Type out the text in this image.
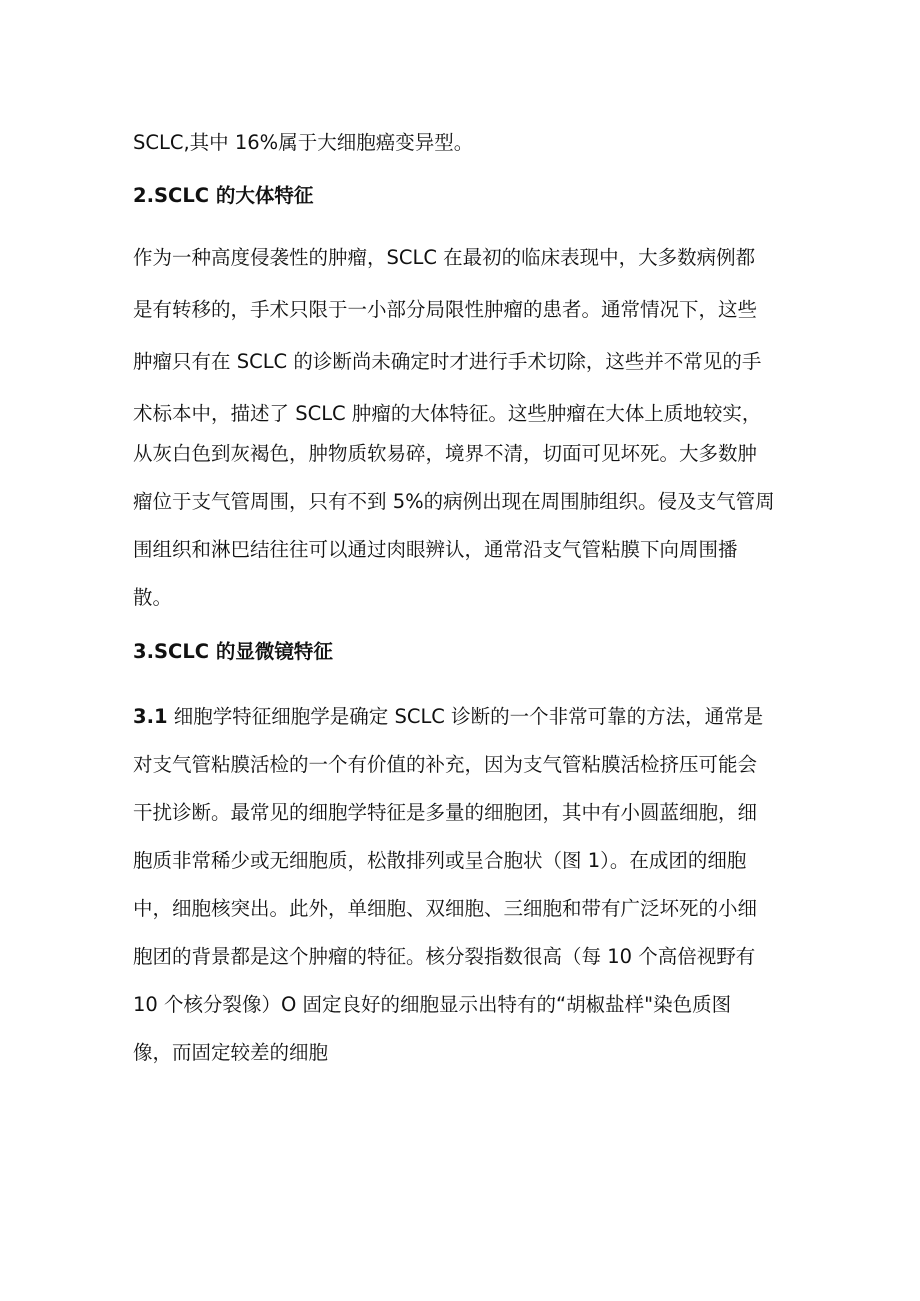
SCLC,其中 16%属于大细胞癌变异型。
2.SCLC 的大体特征
作为一种高度侵袭性的肿瘤，SCLC 在最初的临床表现中，大多数病例都
是有转移的，手术只限于一小部分局限性肿瘤的患者。通常情况下，这些
肿瘤只有在 SCLC 的诊断尚未确定时才进行手术切除，这些并不常见的手
术标本中，描述了 SCLC 肿瘤的大体特征。这些肿瘤在大体上质地较实，
从灰白色到灰褐色，肿物质软易碎，境界不清，切面可见坏死。大多数肿
瘤位于支气管周围，只有不到 5%的病例出现在周围肺组织。侵及支气管周
围组织和淋巴结往往可以通过肉眼辨认，通常沿支气管粘膜下向周围播
散。
3.SCLC 的显微镜特征
3.1 细胞学特征细胞学是确定 SCLC 诊断的一个非常可靠的方法，通常是
对支气管粘膜活检的一个有价值的补充，因为支气管粘膜活检挤压可能会
干扰诊断。最常见的细胞学特征是多量的细胞团，其中有小圆蓝细胞，细
胞质非常稀少或无细胞质，松散排列或呈合胞状（图 1）。在成团的细胞
中，细胞核突出。此外，单细胞、双细胞、三细胞和带有广泛坏死的小细
胞团的背景都是这个肿瘤的特征。核分裂指数很高（每 10 个高倍视野有
10 个核分裂像）O 固定良好的细胞显示出特有的“胡椒盐样"染色质图
像，而固定较差的细胞
